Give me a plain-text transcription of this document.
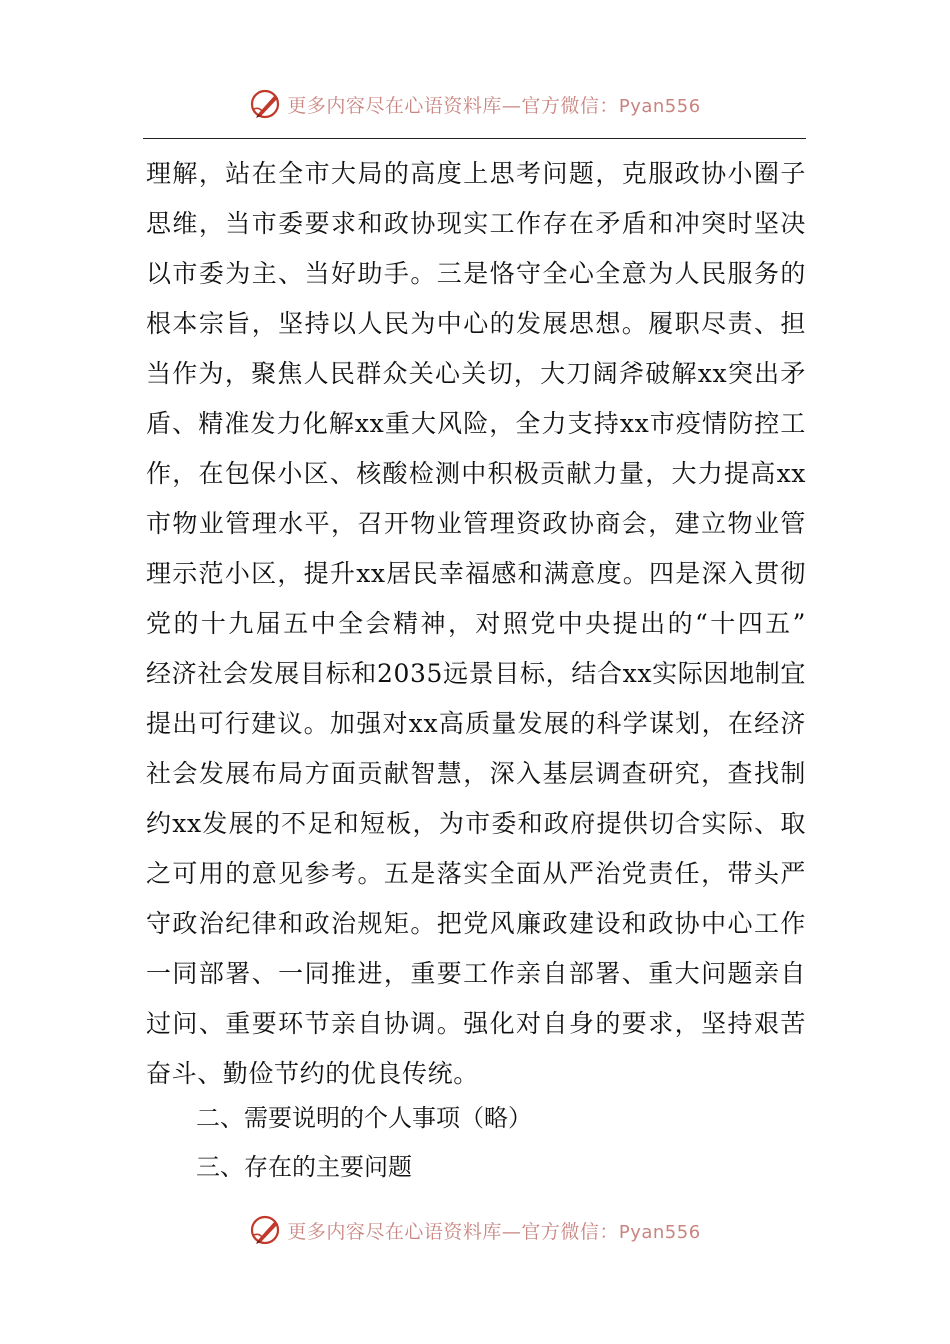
更多内容尽在心语资料库—官方微信：Pyan556
理解，站在全市大局的高度上思考问题，克服政协小圈子
思维，当市委要求和政协现实工作存在矛盾和冲突时坚决
以市委为主、当好助手。三是恪守全心全意为人民服务的
根本宗旨，坚持以人民为中心的发展思想。履职尽责、担
当作为，聚焦人民群众关心关切，大刀阔斧破解xx突出矛
盾、精准发力化解xx重大风险，全力支持xx市疫情防控工
作，在包保小区、核酸检测中积极贡献力量，大力提高xx
市物业管理水平，召开物业管理资政协商会，建立物业管
理示范小区，提升xx居民幸福感和满意度。四是深入贯彻
党的十九届五中全会精神，对照党中央提出的“十四五”
经济社会发展目标和2035远景目标，结合xx实际因地制宜
提出可行建议。加强对xx高质量发展的科学谋划，在经济
社会发展布局方面贡献智慧，深入基层调查研究，查找制
约xx发展的不足和短板，为市委和政府提供切合实际、取
之可用的意见参考。五是落实全面从严治党责任，带头严
守政治纪律和政治规矩。把党风廉政建设和政协中心工作
一同部署、一同推进，重要工作亲自部署、重大问题亲自
过问、重要环节亲自协调。强化对自身的要求，坚持艰苦
奋斗、勤俭节约的优良传统。
二、需要说明的个人事项（略）
三、存在的主要问题
更多内容尽在心语资料库—官方微信：Pyan556
